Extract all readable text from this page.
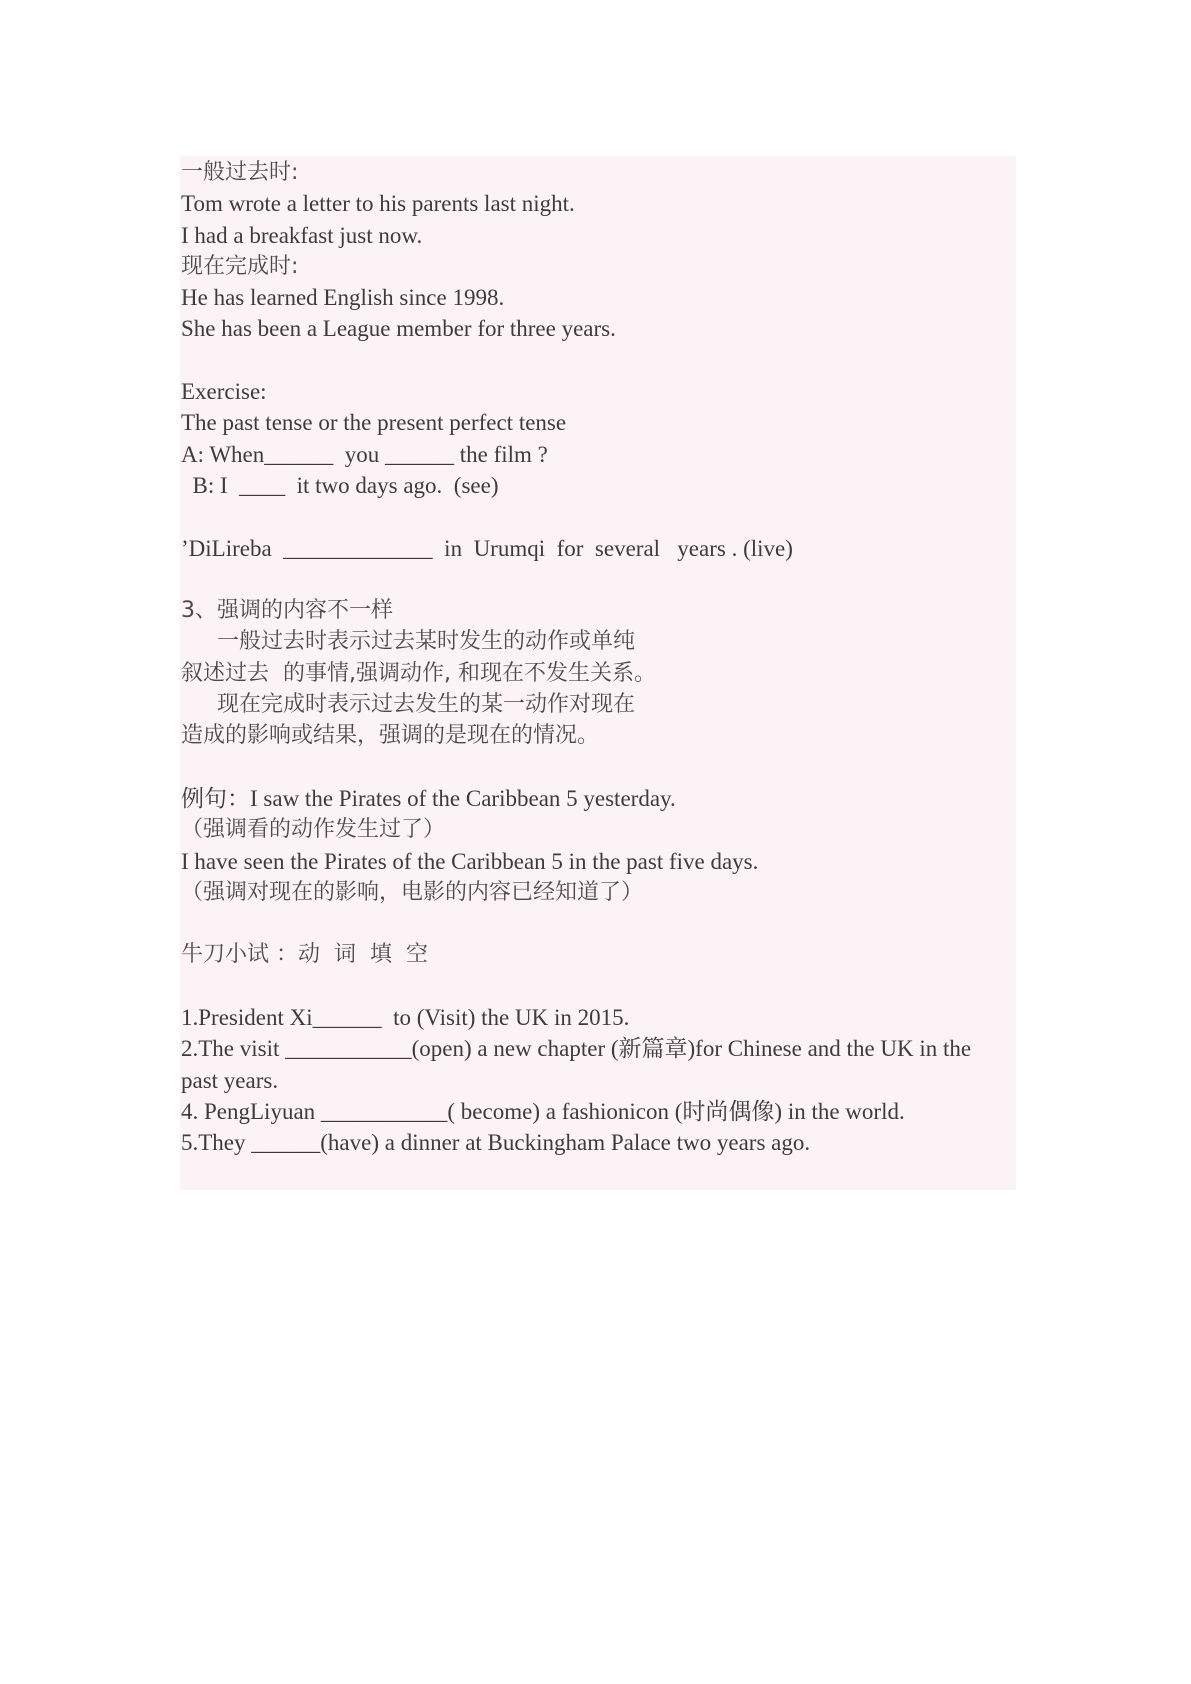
一般过去时:

Tom wrote a letter to his parents last night.

I had a breakfast just now.

现在完成时:

He has learned English since 1998.

She has been a League member for three years.

Exercise:

The past tense or the present perfect tense

A: When______  you ______ the film ?

B: I  ____  it two days ago.  (see)

’DiLireba  _____________  in  Urumqi  for  several   years . (live)

3、强调的内容不一样

一般过去时表示过去某时发生的动作或单纯

叙述过去  的事情,强调动作, 和现在不发生关系。

现在完成时表示过去发生的某一动作对现在

造成的影响或结果，强调的是现在的情况。

例句：I saw the Pirates of the Caribbean 5 yesterday.

（强调看的动作发生过了）

I have seen the Pirates of the Caribbean 5 in the past five days.

（强调对现在的影响，电影的内容已经知道了）

牛刀小试 ：动  词  填  空

1.President Xi______  to (Visit) the UK in 2015.

2.The visit ___________(open) a new chapter (新篇章)for Chinese and the UK in the

past years.

4. PengLiyuan ___________( become) a fashionicon (时尚偶像) in the world.

5.They ______(have) a dinner at Buckingham Palace two years ago.
